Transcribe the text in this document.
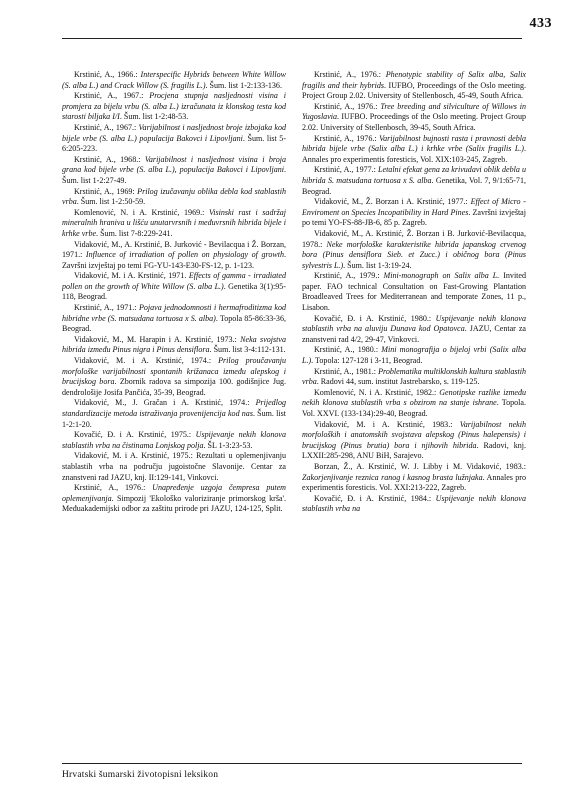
433

Krstinić, A., 1966.: Interspecific Hybrids between White Willow (S. alba L.) and Crack Willow (S. fragilis L.). Šum. list 1-2:133-136.

Krstinić, A., 1967.: Procjena stupnja nasljednosti visina i promjera za bijelu vrbu (S. alba L.) izračunata iz klonskog testa kod starosti biljaka I/I. Šum. list 1-2:48-53.

Krstinić, A., 1967.: Varijabilnost i nasljednost broje izbojaka kod bijele vrbe (S. alba L.) populacija Bakovci i Lipovljani. Šum. list 5-6:205-223.

Krstinić, A., 1968.: Varijabilnost i nasljednost visina i broja grana kod bijele vrbe (S. alba L.), populacija Bakovci i Lipovljani. Šum. list 1-2:27-49.

Krstinić, A., 1969: Prilog izučavanju oblika debla kod stablastih vrba. Šum. list 1-2:50-59.

Komlenović, N. i A. Krstinić, 1969.: Visinski rast i sadržaj mineralnih hraniva u lišću unutarvrsnih i međuvrsnih hibrida bijele i krhke vrbe. Šum. list 7-8:229-241.

Vidaković, M., A. Krstinić, B. Jurković - Bevilacqua i Ž. Borzan, 1971.: Influence of irradiation of pollen on physiology of growth. Završni izvještaj po temi FG-YU-143-E30-FS-12, p. 1-123.

Vidaković, M. i A. Krstinić, 1971. Effects of gamma - irradiated pollen on the growth of White Willow (S. alba L.). Genetika 3(1):95-118, Beograd.

Krstinić, A., 1971.: Pojava jednodomnosti i hermafroditizma kod hibridne vrbe (S. matsudana tortuosa x S. alba). Topola 85-86:33-36, Beograd.

Vidaković, M., M. Harapin i A. Krstinić, 1973.: Neka svojstva hibrida između Pinus nigra i Pinus densiflora. Šum. list 3-4:112-131.

Vidaković, M. i A. Krstinić, 1974.: Prilog proučavanju morfološke varijabilnosti spontanih križanaca između alepskog i brucijskog bora. Zbornik radova sa simpozija 100. godišnjice Jug. dendrološije Josifa Pančića, 35-39, Beograd.

Vidaković, M., J. Gračan i A. Krstinić, 1974.: Prijedlog standardizacije metoda istraživanja provenijencija kod nas. Šum. list 1-2:1-20.

Kovačić, Đ. i A. Krstinić, 1975.: Uspijevanje nekih klonova stablastih vrba na čistinama Lonjskog polja. ŠL 1-3:23-53.

Vidaković, M. i A. Krstinić, 1975.: Rezultati u oplemenjivanju stablastih vrba na području jugoistočne Slavonije. Centar za znanstveni rad JAZU, knj. II:129-141, Vinkovci.

Krstinić, A., 1976.: Unapređenje uzgoja čempresa putem oplemenjivanja. Simpozij 'Ekološko valoriziranje primorskog krša'. Međuakademijski odbor za zaštitu prirode pri JAZU, 124-125, Split.

Krstinić, A., 1976.: Phenotypic stability of Salix alba, Salix fragilis and their hybrids. IUFBO, Proceedings of the Oslo meeting. Project Group 2.02. University of Stellenbosch, 45-49, South Africa.

Krstinić, A., 1976.: Tree breeding and silviculture of Willows in Yugoslavia. IUFBO. Proceedings of the Oslo meeting. Project Group 2.02. University of Stellenbosch, 39-45, South Africa.

Krstinić, A., 1976.: Varijabilnost bujnosti rasta i pravnosti debla hibrida bijele vrbe (Salix alba L.) i krhke vrbe (Salix fragilis L.). Annales pro experimentis foresticis, Vol. XIX:103-245, Zagreb.

Krstinić, A., 1977.: Letalni efekat gena za krivudavi oblik debla u hibrida S. matsudana tortuosa x S. alba. Genetika, Vol. 7, 9/1:65-71, Beograd.

Vidaković, M., Ž. Borzan i A. Krstinić, 1977.: Effect of Micro - Enviroment on Species Incopatibility in Hard Pines. Završni izvještaj po temi YO-FS-88-JB-6, 85 p. Zagreb.

Vidaković, M., A. Krstinić, Ž. Borzan i B. Jurković-Bevilacqua, 1978.: Neke morfološke karakteristike hibrida japanskog crvenog bora (Pinus densiflora Sieb. et Zucc.) i običnog bora (Pinus sylvestris L.). Šum. list 1-3:19-24.

Krstinić, A., 1979.: Mini-monograph on Salix alba L. Invited paper. FAO technical Consultation on Fast-Growing Plantation Broadleaved Trees for Mediterranean and temporate Zones, 11 p., Lisabon.

Kovačić, Đ. i A. Krstinić, 1980.: Uspijevanje nekih klonova stablastih vrba na aluviju Dunava kod Opatovca. JAZU, Centar za znanstveni rad 4/2, 29-47, Vinkovci.

Krstinić, A., 1980.: Mini monografija o bijeloj vrbi (Salix alba L.). Topola: 127-128 i 3-11, Beograd.

Krstinić, A., 1981.: Problematika multiklonskih kultura stablastih vrba. Radovi 44, sum. institut Jastrebarsko, s. 119-125.

Komlenović, N. i A. Krstinić, 1982.: Genotipske razlike između nekih klonova stablastih vrba s obzirom na stanje ishrane. Topola. Vol. XXVI. (133-134):29-40, Beograd.

Vidaković, M. i A. Krstinić, 1983.: Varijabilnost nekih morfoloških i anatomskih svojstava alepskog (Pinus halepensis) i brucijskog (Pinus brutia) bora i njihovih hibrida. Radovi, knj. LXXII:285-298, ANU BiH, Sarajevo.

Borzan, Ž., A. Krstinić, W. J. Libby i M. Vidaković, 1983.: Zakorjenjivanje reznica ranog i kasnog brasta lužnjaka. Annales pro experimentis foresticis. Vol. XXI:213-222, Zagreb.

Kovačić, Đ. i A. Krstinić, 1984.: Uspijevanje nekih klonova stablastih vrba na

Hrvatski šumarski životopisni leksikon
